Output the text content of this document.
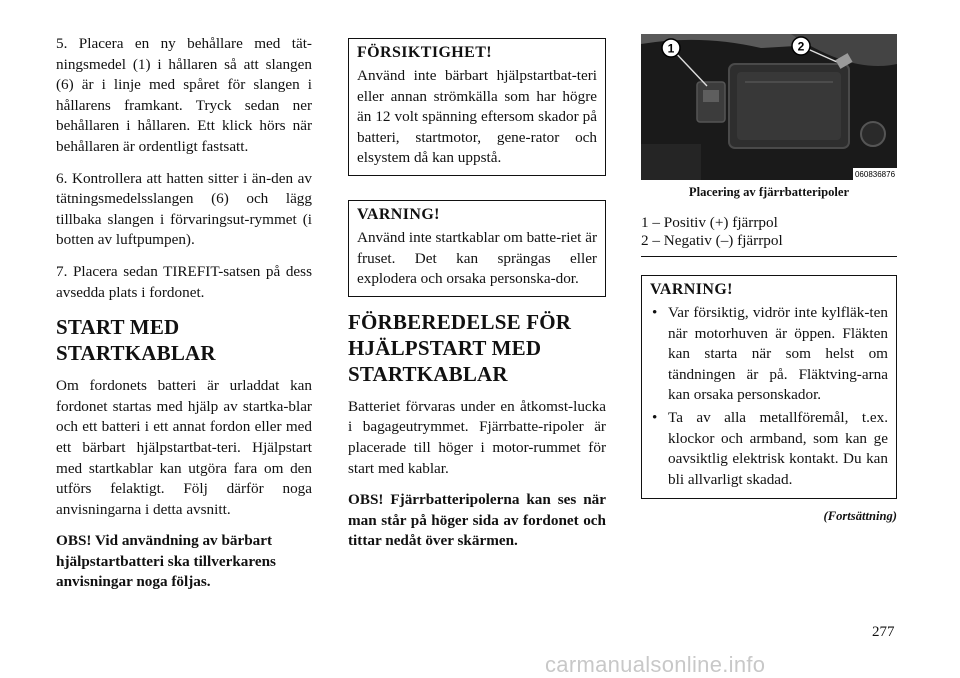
5. Placera en ny behållare med tät-ningsmedel (1) i hållaren så att slangen (6) är i linje med spåret för slangen i hållarens framkant. Tryck sedan ner behållaren i hållaren. Ett klick hörs när behållaren är ordentligt fastsatt.

6. Kontrollera att hatten sitter i än-den av tätningsmedelsslangen (6) och lägg tillbaka slangen i förvaringsut-rymmet (i botten av luftpumpen).

7. Placera sedan TIREFIT-satsen på dess avsedda plats i fordonet.

START MED STARTKABLAR

Om fordonets batteri är urladdat kan fordonet startas med hjälp av startka-blar och ett batteri i ett annat fordon eller med ett bärbart hjälpstartbat-teri. Hjälpstart med startkablar kan utgöra fara om den utförs felaktigt. Följ därför noga anvisningarna i detta avsnitt.

OBS! Vid användning av bärbart hjälpstartbatteri ska tillverkarens anvisningar noga följas.

FÖRSIKTIGHET!

Använd inte bärbart hjälpstartbat-teri eller annan strömkälla som har högre än 12 volt spänning eftersom skador på batteri, startmotor, gene-rator och elsystem då kan uppstå.

VARNING!

Använd inte startkablar om batte-riet är fruset. Det kan sprängas eller explodera och orsaka personska-dor.

FÖRBEREDELSE FÖR HJÄLPSTART MED STARTKABLAR

Batteriet förvaras under en åtkomst-lucka i bagageutrymmet. Fjärrbatte-ripoler är placerade till höger i motor-rummet för start med kablar.

OBS! Fjärrbatteripolerna kan ses när man står på höger sida av fordonet och tittar nedåt över skärmen.

1	2
060836876
Placering av fjärrbatteripoler

1 – Positiv (+) fjärrpol

2 – Negativ (–) fjärrpol

VARNING!
• Var försiktig, vidrör inte kylfläk-ten när motorhuven är öppen. Fläkten kan starta när som helst om tändningen är på. Fläktving-arna kan orsaka personskador.
• Ta av alla metallföremål, t.ex. klockor och armband, som kan ge oavsiktlig elektrisk kontakt. Du kan bli allvarligt skadad.
(Fortsättning)
277
carmanualsonline.info
